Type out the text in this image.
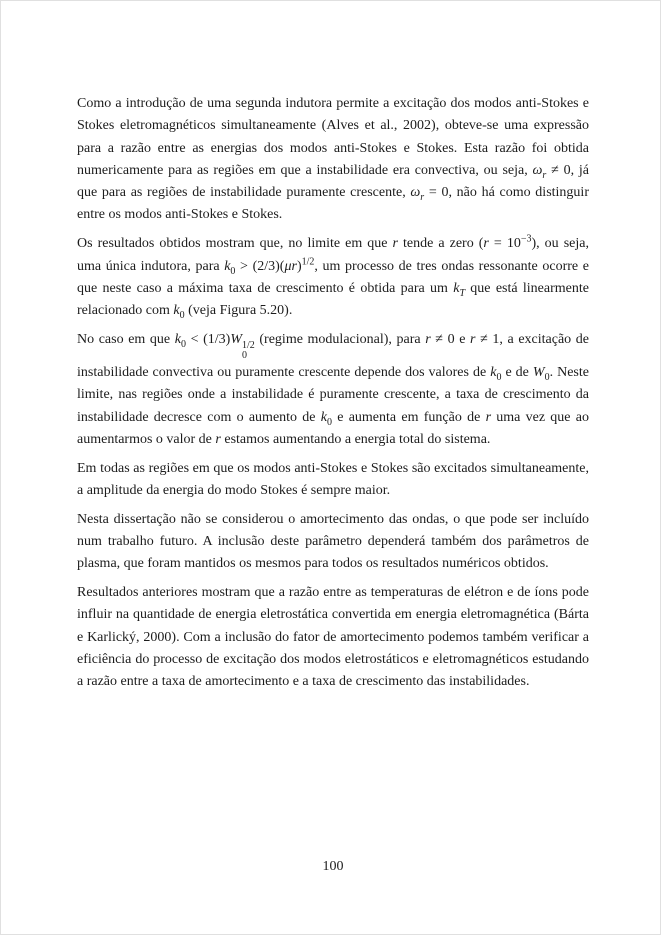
Como a introdução de uma segunda indutora permite a excitação dos modos anti-Stokes e Stokes eletromagnéticos simultaneamente (Alves et al., 2002), obteve-se uma expressão para a razão entre as energias dos modos anti-Stokes e Stokes. Esta razão foi obtida numericamente para as regiões em que a instabilidade era convectiva, ou seja, $\omega_r \ne 0$, já que para as regiões de instabilidade puramente crescente, $\omega_r = 0$, não há como distinguir entre os modos anti-Stokes e Stokes.

Os resultados obtidos mostram que, no limite em que r tende a zero $(r = 10^{-3})$, ou seja, uma única indutora, para $k_0 > (2/3)(\mu r)^{1/2}$, um processo de tres ondas ressonante ocorre e que neste caso a máxima taxa de crescimento é obtida para um $k_T$ que está linearmente relacionado com $k_0$ (veja Figura 5.20).

No caso em que $k_0 < (1/3)W$ 1/2
0
(regime modulacional), para r ≠ 0 e r ≠ 1, a excitação de instabilidade convectiva ou puramente crescente depende dos valores de $k_0$ e de $W_0$. Neste limite, nas regiões onde a instabilidade é puramente crescente, a taxa de crescimento da instabilidade decresce com o aumento de $k_0$ e aumenta em função de r uma vez que ao aumentarmos o valor de r estamos aumentando a energia total do sistema.

Em todas as regiões em que os modos anti-Stokes e Stokes são excitados simultaneamente, a amplitude da energia do modo Stokes é sempre maior.

Nesta dissertação não se considerou o amortecimento das ondas, o que pode ser incluído num trabalho futuro. A inclusão deste parâmetro dependerá também dos parâmetros de plasma, que foram mantidos os mesmos para todos os resultados numéricos obtidos.

Resultados anteriores mostram que a razão entre as temperaturas de elétron e de íons pode influir na quantidade de energia eletrostática convertida em energia eletromagnética (Bárta e Karlický, 2000). Com a inclusão do fator de amortecimento podemos também verificar a eficiência do processo de excitação dos modos eletrostáticos e eletromagnéticos estudando a razão entre a taxa de amortecimento e a taxa de crescimento das instabilidades.

100
